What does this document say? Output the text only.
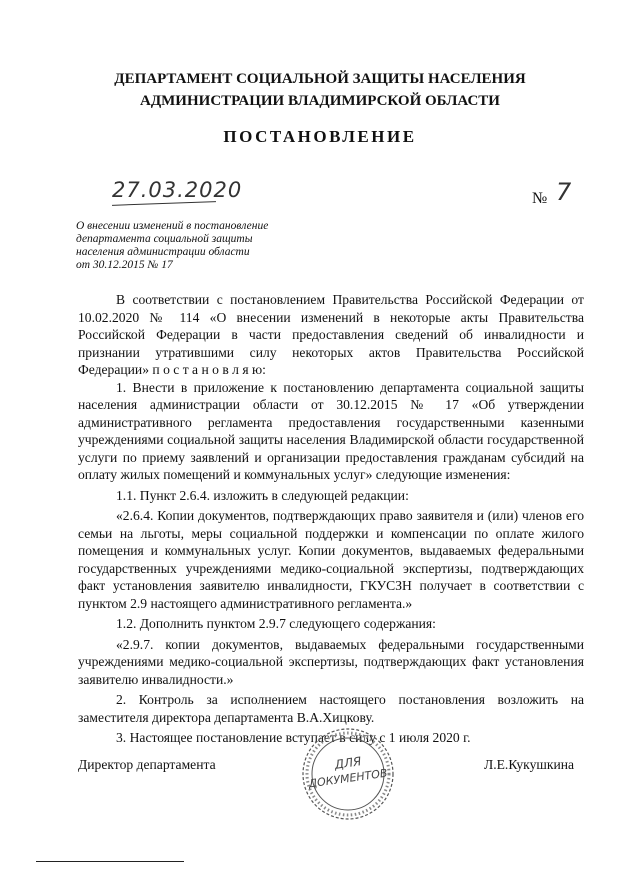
ДЕПАРТАМЕНТ СОЦИАЛЬНОЙ ЗАЩИТЫ НАСЕЛЕНИЯ
АДМИНИСТРАЦИИ ВЛАДИМИРСКОЙ ОБЛАСТИ
ПОСТАНОВЛЕНИЕ
27.03.2020	№ 7
О внесении изменений в постановление
департамента социальной защиты
населения администрации области
от 30.12.2015 № 17

В соответствии с постановлением Правительства Российской Федерации от 10.02.2020 № 114 «О внесении изменений в некоторые акты Правительства Российской Федерации в части предоставления сведений об инвалидности и признании утратившими силу некоторых актов Правительства Российской Федерации» п о с т а н о в л я ю:

1. Внести в приложение к постановлению департамента социальной защиты населения администрации области от 30.12.2015 № 17 «Об утверждении административного регламента предоставления государственными казенными учреждениями социальной защиты населения Владимирской области государственной услуги по приему заявлений и организации предоставления гражданам субсидий на оплату жилых помещений и коммунальных услуг» следующие изменения:

1.1. Пункт 2.6.4. изложить в следующей редакции:

«2.6.4. Копии документов, подтверждающих право заявителя и (или) членов его семьи на льготы, меры социальной поддержки и компенсации по оплате жилого помещения и коммунальных услуг. Копии документов, выдаваемых федеральными государственных учреждениями медико-социальной экспертизы, подтверждающих факт установления заявителю инвалидности, ГКУСЗН получает в соответствии с пунктом 2.9 настоящего административного регламента.»

1.2. Дополнить пунктом 2.9.7 следующего содержания:

«2.9.7. копии документов, выдаваемых федеральными государственными учреждениями медико-социальной экспертизы, подтверждающих факт установления заявителю инвалидности.»

2. Контроль за исполнением настоящего постановления возложить на заместителя директора департамента В.А.Хицкову.

3. Настоящее постановление вступает в силу с 1 июля 2020 г.

Директор департамента	Л.Е.Кукушкина
ДЛЯ
ДОКУМЕНТОВ
